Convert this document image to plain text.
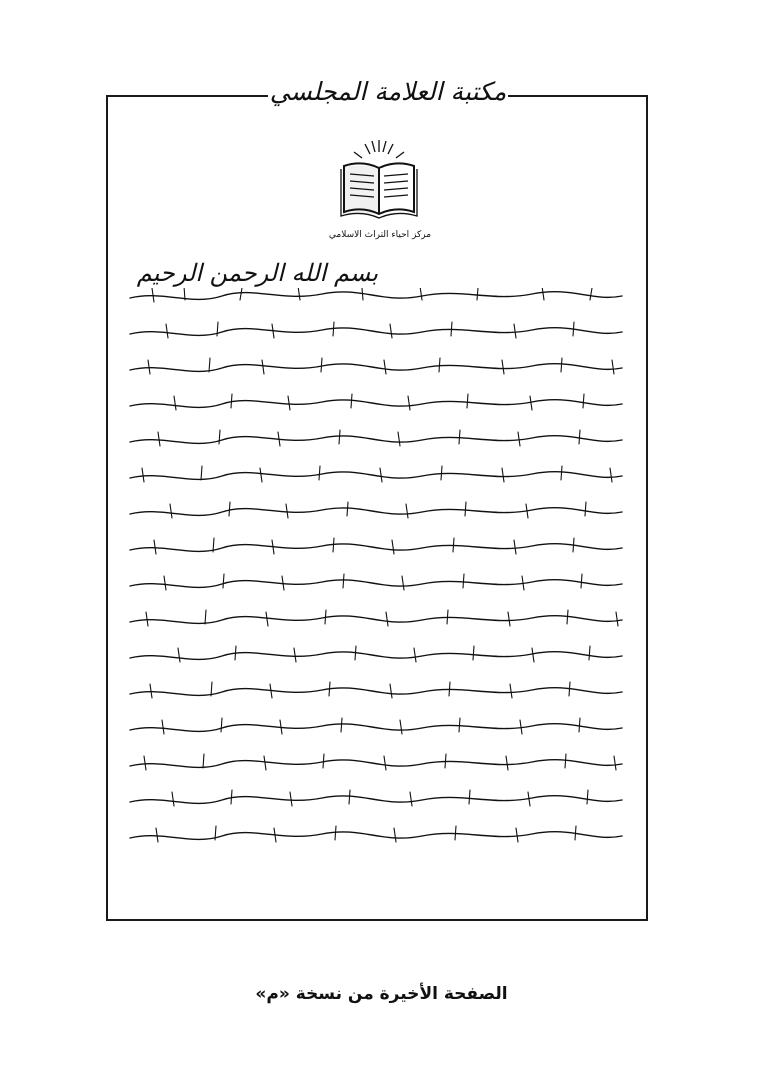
مكتبة العلامة المجلسي
مركز احياء التراث الاسلامي
بسم الله الرحمن الرحيم
الصفحة الأخيرة من نسخة «م»
